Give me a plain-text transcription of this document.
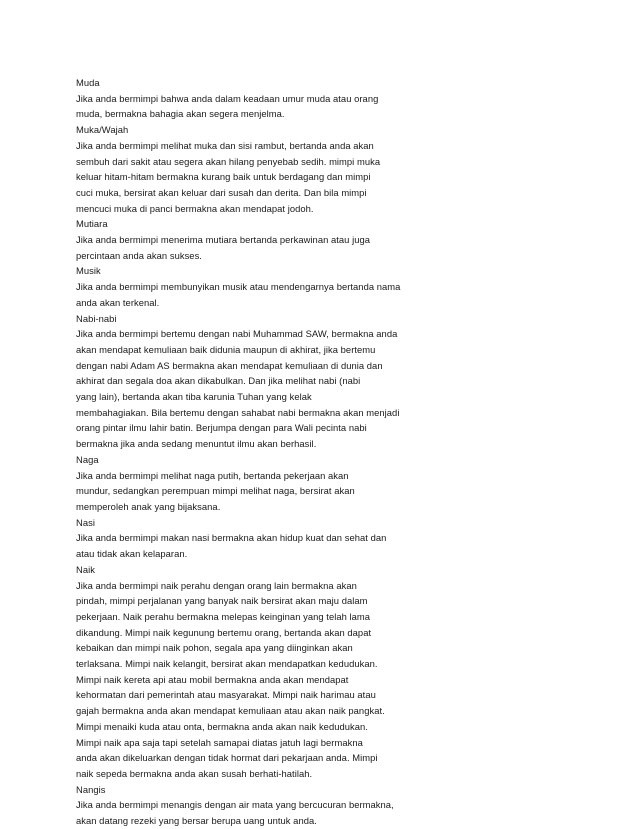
Muda
Jika anda bermimpi bahwa anda dalam keadaan umur muda atau orang
muda, bermakna bahagia akan segera menjelma.
Muka/Wajah
Jika anda bermimpi melihat muka dan sisi rambut, bertanda anda akan
sembuh dari sakit atau segera akan hilang penyebab sedih. mimpi muka
keluar hitam-hitam bermakna kurang baik untuk berdagang dan mimpi
cuci muka, bersirat akan keluar dari susah dan derita. Dan bila mimpi
mencuci muka di panci bermakna akan mendapat jodoh.
Mutiara
Jika anda bermimpi menerima mutiara bertanda perkawinan atau juga
percintaan anda akan sukses.
Musik
Jika anda bermimpi membunyikan musik atau mendengarnya bertanda nama
anda akan terkenal.
Nabi-nabi
Jika anda bermimpi bertemu dengan nabi Muhammad SAW, bermakna anda
akan mendapat kemuliaan baik didunia maupun di akhirat, jika bertemu
dengan nabi Adam AS bermakna akan mendapat kemuliaan di dunia dan
akhirat dan segala doa akan dikabulkan. Dan jika melihat nabi (nabi
yang lain), bertanda akan tiba karunia Tuhan yang kelak
membahagiakan. Bila bertemu dengan sahabat nabi bermakna akan menjadi
orang pintar ilmu lahir batin. Berjumpa dengan para Wali pecinta nabi
bermakna jika anda sedang menuntut ilmu akan berhasil.
Naga
Jika anda bermimpi melihat naga putih, bertanda pekerjaan akan
mundur, sedangkan perempuan mimpi melihat naga, bersirat akan
memperoleh anak yang bijaksana.
Nasi
Jika anda bermimpi makan nasi bermakna akan hidup kuat dan sehat dan
atau tidak akan kelaparan.
Naik
Jika anda bermimpi naik perahu dengan orang lain bermakna akan
pindah, mimpi perjalanan yang banyak naik bersirat akan maju dalam
pekerjaan. Naik perahu bermakna melepas keinginan yang telah lama
dikandung. Mimpi naik kegunung bertemu orang, bertanda akan dapat
kebaikan dan mimpi naik pohon, segala apa yang diinginkan akan
terlaksana. Mimpi naik kelangit, bersirat akan mendapatkan kedudukan.
Mimpi naik kereta api atau mobil bermakna anda akan mendapat
kehormatan dari pemerintah atau masyarakat. Mimpi naik harimau atau
gajah bermakna anda akan mendapat kemuliaan atau akan naik pangkat.
Mimpi menaiki kuda atau onta, bermakna anda akan naik kedudukan.
Mimpi naik apa saja tapi setelah samapai diatas jatuh lagi bermakna
anda akan dikeluarkan dengan tidak hormat dari pekarjaan anda. Mimpi
naik sepeda bermakna anda akan susah berhati-hatilah.
Nangis
Jika anda bermimpi menangis dengan air mata yang bercucuran bermakna,
akan datang rezeki yang bersar berupa uang untuk anda.
